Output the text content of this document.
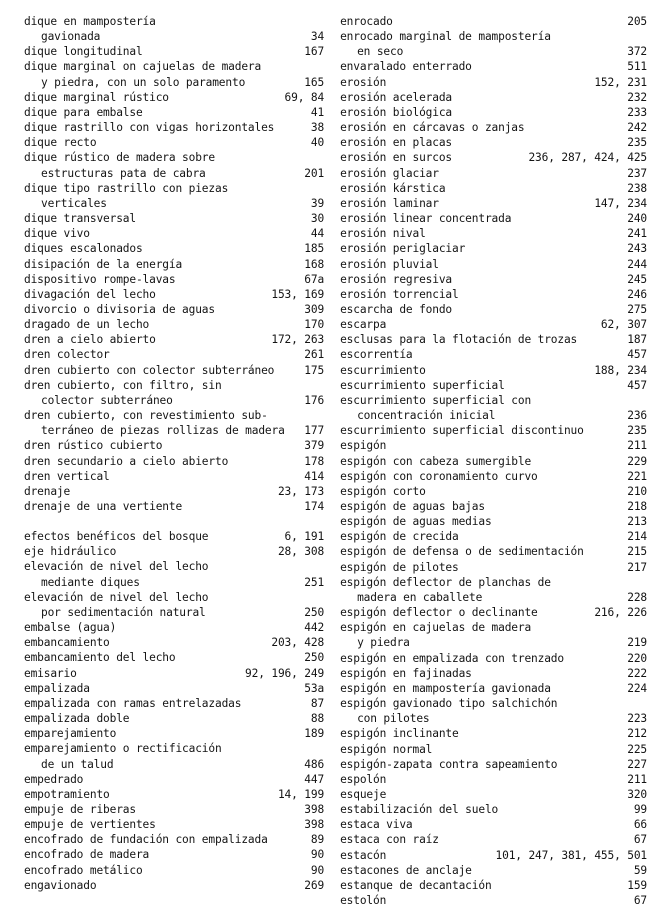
dique en mampostería
gavionada	34
dique longitudinal	167
dique marginal on cajuelas de madera
y piedra, con un solo paramento	165
dique marginal rústico	69, 84
dique para embalse	41
dique rastrillo con vigas horizontales	38
dique recto	40
dique rústico de madera sobre
estructuras pata de cabra	201
dique tipo rastrillo con piezas
verticales	39
dique transversal	30
dique vivo	44
diques escalonados	185
disipación de la energía	168
dispositivo rompe-lavas	67a
divagación del lecho	153, 169
divorcio o divisoria de aguas	309
dragado de un lecho	170
dren a cielo abierto	172, 263
dren colector	261
dren cubierto con colector subterráneo	175
dren cubierto, con filtro, sin
colector subterráneo	176
dren cubierto, con revestimiento sub-
terráneo de piezas rollizas de madera	177
dren rústico cubierto	379
dren secundario a cielo abierto	178
dren vertical	414
drenaje	23, 173
drenaje de una vertiente	174
efectos benéficos del bosque	6, 191
eje hidráulico	28, 308
elevación de nivel del lecho
mediante diques	251
elevación de nivel del lecho
por sedimentación natural	250
embalse (agua)	442
embancamiento	203, 428
embancamiento del lecho	250
emisario	92, 196, 249
empalizada	53a
empalizada con ramas entrelazadas	87
empalizada doble	88
emparejamiento	189
emparejamiento o rectificación
de un talud	486
empedrado	447
empotramiento	14, 199
empuje de riberas	398
empuje de vertientes	398
encofrado de fundación con empalizada	89
encofrado de madera	90
encofrado metálico	90
engavionado	269
enrocado	205
enrocado marginal de mampostería
en seco	372
envaralado enterrado	511
erosión	152, 231
erosión acelerada	232
erosión biológica	233
erosión en cárcavas o zanjas	242
erosión en placas	235
erosión en surcos	236, 287, 424, 425
erosión glaciar	237
erosión kárstica	238
erosión laminar	147, 234
erosión linear concentrada	240
erosión nival	241
erosión periglaciar	243
erosión pluvial	244
erosión regresiva	245
erosión torrencial	246
escarcha de fondo	275
escarpa	62, 307
esclusas para la flotación de trozas	187
escorrentía	457
escurrimiento	188, 234
escurrimiento superficial	457
escurrimiento superficial con
concentración inicial	236
escurrimiento superficial discontinuo	235
espigón	211
espigón con cabeza sumergible	229
espigón con coronamiento curvo	221
espigón corto	210
espigón de aguas bajas	218
espigón de aguas medias	213
espigón de crecida	214
espigón de defensa o de sedimentación	215
espigón de pilotes	217
espigón deflector de planchas de
madera en caballete	228
espigón deflector o declinante	216, 226
espigón en cajuelas de madera
y piedra	219
espigón en empalizada con trenzado	220
espigón en fajinadas	222
espigón en mampostería gavionada	224
espigón gavionado tipo salchichón
con pilotes	223
espigón inclinante	212
espigón normal	225
espigón-zapata contra sapeamiento	227
espolón	211
esqueje	320
estabilización del suelo	99
estaca viva	66
estaca con raíz	67
estacón	101, 247, 381, 455, 501
estacones de anclaje	59
estanque de decantación	159
estolón	67
